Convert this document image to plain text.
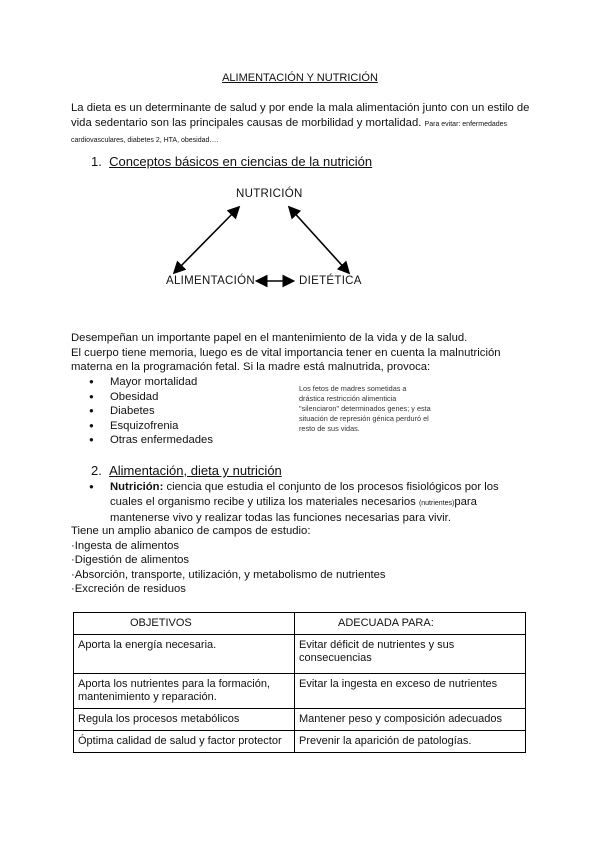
ALIMENTACIÓN Y NUTRICIÓN

La dieta es un determinante de salud y por ende la mala alimentación junto con un estilo de vida sedentario son las principales causas de morbilidad y mortalidad. Para evitar: enfermedades cardiovasculares, diabetes 2, HTA, obesidad….

1. Conceptos básicos en ciencias de la nutrición
NUTRICIÓN
ALIMENTACIÓN	DIETÉTICA

Desempeñan un importante papel en el mantenimiento de la vida y de la salud.

El cuerpo tiene memoria, luego es de vital importancia tener en cuenta la malnutrición materna en la programación fetal. Si la madre está malnutrida, provoca:

● Mayor mortalidad
● Obesidad
● Diabetes
● Esquizofrenia
● Otras enfermedades
Los fetos de madres sometidas a drástica restricción alimenticia "silenciaron" determinados genes; y esta situación de represión génica perduró el resto de sus vidas.
2. Alimentación, dieta y nutrición
● Nutrición: ciencia que estudia el conjunto de los procesos fisiológicos por los cuales el organismo recibe y utiliza los materiales necesarios (nutrientes)para mantenerse vivo y realizar todas las funciones necesarias para vivir.

Tiene un amplio abanico de campos de estudio:

·Ingesta de alimentos

·Digestión de alimentos

·Absorción, transporte, utilización, y metabolismo de nutrientes

·Excreción de residuos

OBJETIVOS	ADECUADA PARA:
Aporta la energía necesaria.	Evitar déficit de nutrientes y sus consecuencias
Aporta los nutrientes para la formación, mantenimiento y reparación.	Evitar la ingesta en exceso de nutrientes
Regula los procesos metabólicos	Mantener peso y composición adecuados
Óptima calidad de salud y factor protector	Prevenir la aparición de patologías.
